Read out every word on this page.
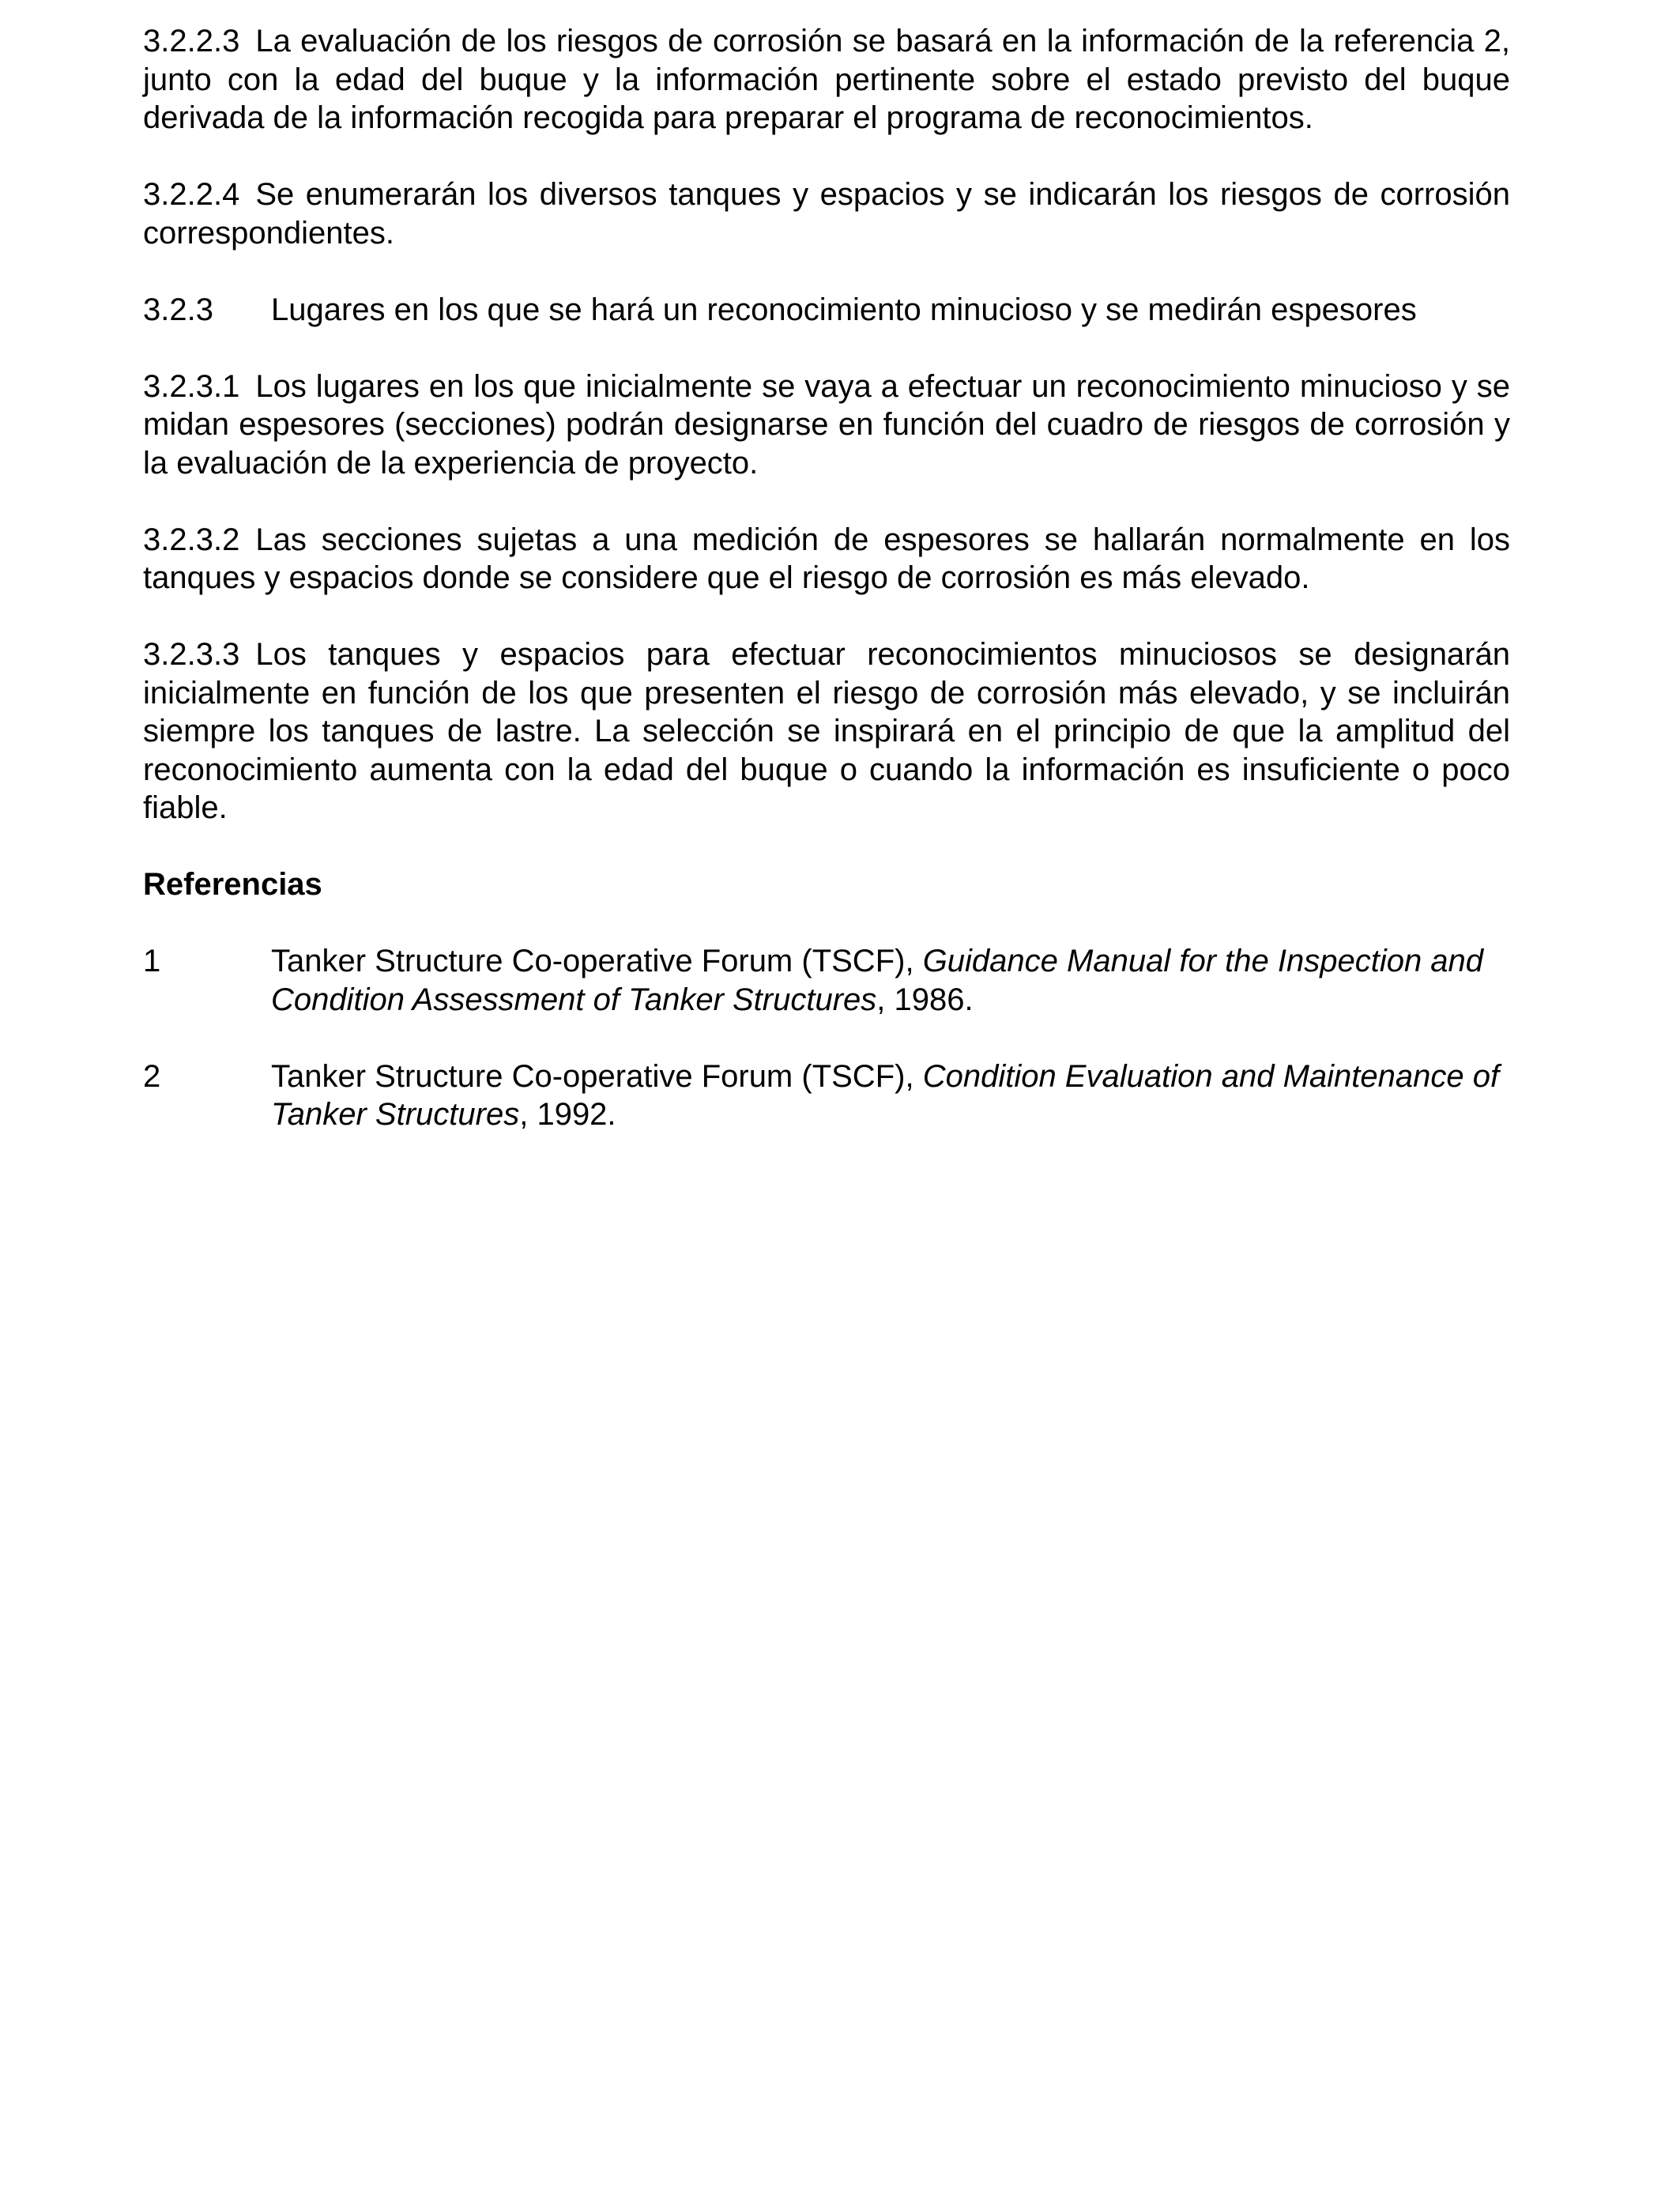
3.2.2.3 La evaluación de los riesgos de corrosión se basará en la información de la referencia 2, junto con la edad del buque y la información pertinente sobre el estado previsto del buque derivada de la información recogida para preparar el programa de reconocimientos.

3.2.2.4 Se enumerarán los diversos tanques y espacios y se indicarán los riesgos de corrosión correspondientes.

3.2.3 Lugares en los que se hará un reconocimiento minucioso y se medirán espesores

3.2.3.1 Los lugares en los que inicialmente se vaya a efectuar un reconocimiento minucioso y se midan espesores (secciones) podrán designarse en función del cuadro de riesgos de corrosión y la evaluación de la experiencia de proyecto.

3.2.3.2 Las secciones sujetas a una medición de espesores se hallarán normalmente en los tanques y espacios donde se considere que el riesgo de corrosión es más elevado.

3.2.3.3 Los tanques y espacios para efectuar reconocimientos minuciosos se designarán inicialmente en función de los que presenten el riesgo de corrosión más elevado, y se incluirán siempre los tanques de lastre. La selección se inspirará en el principio de que la amplitud del reconocimiento aumenta con la edad del buque o cuando la información es insuficiente o poco fiable.

Referencias
1	Tanker Structure Co-operative Forum (TSCF), Guidance Manual for the Inspection and Condition Assessment of Tanker Structures, 1986.
2	Tanker Structure Co-operative Forum (TSCF), Condition Evaluation and Maintenance of Tanker Structures, 1992.
